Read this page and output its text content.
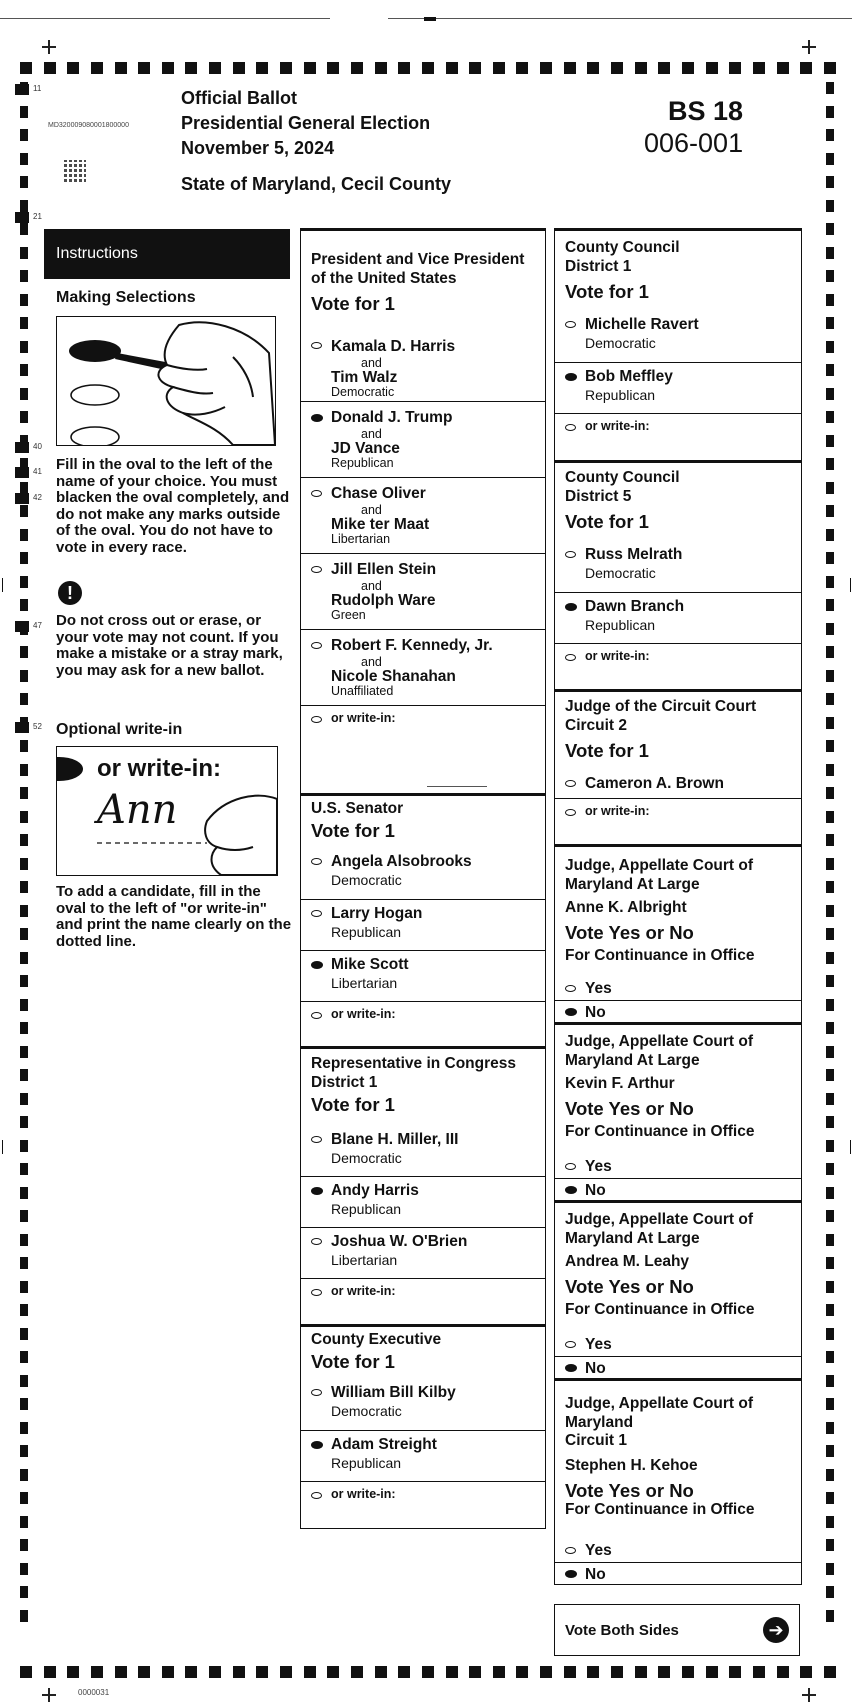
11
21
40
41
42
47
52
Official Ballot
Presidential General Election
November 5, 2024
MD320009080001800000
State of Maryland, Cecil County
BS 18
006-001
Instructions
Making Selections
Fill in the oval to the left of the name of your choice. You must blacken the oval completely, and do not make any marks outside of the oval. You do not have to vote in every race.
!
Do not cross out or erase, or your vote may not count. If you make a mistake or a stray mark, you may ask for a new ballot.
Optional write-in
or write-in:
Ann
To add a candidate, fill in the oval to the left of "or write-in" and print the name clearly on the dotted line.
President and Vice President
of the United States
Vote for 1
Kamala D. Harris
and
Tim Walz
Democratic
Donald J. Trump
and
JD Vance
Republican
Chase Oliver
and
Mike ter Maat
Libertarian
Jill Ellen Stein
and
Rudolph Ware
Green
Robert F. Kennedy, Jr.
and
Nicole Shanahan
Unaffiliated
or write-in:
U.S. Senator
Vote for 1
Angela Alsobrooks
Democratic
Larry Hogan
Republican
Mike Scott
Libertarian
or write-in:
Representative in Congress
District 1
Vote for 1
Blane H. Miller, III
Democratic
Andy Harris
Republican
Joshua W. O'Brien
Libertarian
or write-in:
County Executive
Vote for 1
William Bill Kilby
Democratic
Adam Streight
Republican
or write-in:
County Council
District 1
Vote for 1
Michelle Ravert
Democratic
Bob Meffley
Republican
or write-in:
County Council
District 5
Vote for 1
Russ Melrath
Democratic
Dawn Branch
Republican
or write-in:
Judge of the Circuit Court
Circuit 2
Vote for 1
Cameron A. Brown
or write-in:
Judge, Appellate Court of
Maryland At Large
Anne K. Albright
Vote Yes or No
For Continuance in Office
Yes
No
Judge, Appellate Court of
Maryland At Large
Kevin F. Arthur
Vote Yes or No
For Continuance in Office
Yes
No
Judge, Appellate Court of
Maryland At Large
Andrea M. Leahy
Vote Yes or No
For Continuance in Office
Yes
No
Judge, Appellate Court of
Maryland
Circuit 1
Stephen H. Kehoe
Vote Yes or No
For Continuance in Office
Yes
No
Vote Both Sides	➔
0000031
